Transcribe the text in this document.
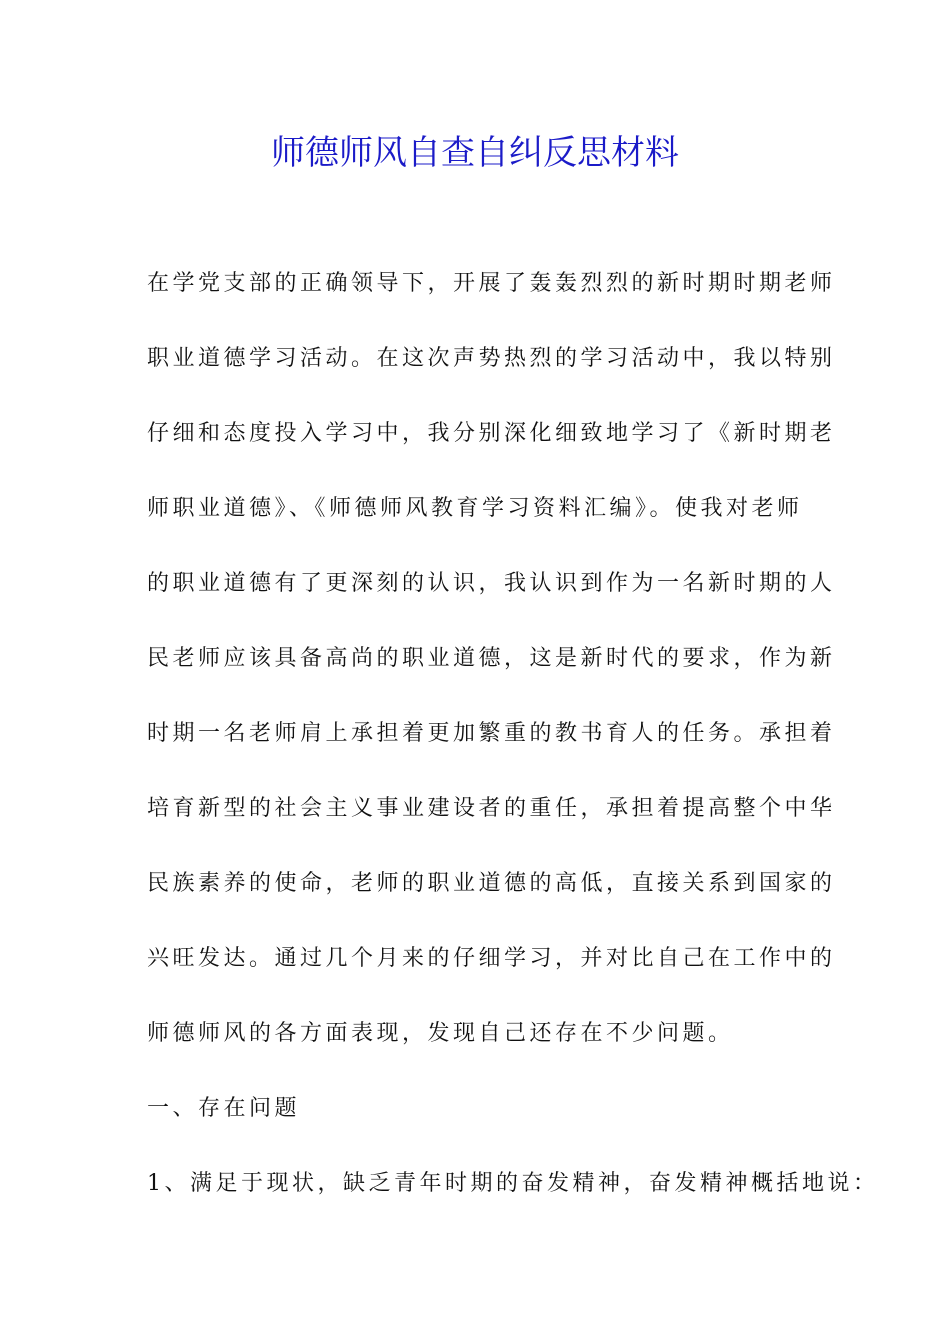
师德师风自查自纠反思材料
在学党支部的正确领导下，开展了轰轰烈烈的新时期时期老师
职业道德学习活动。在这次声势热烈的学习活动中，我以特别
仔细和态度投入学习中，我分别深化细致地学习了《新时期老
师职业道德》、《师德师风教育学习资料汇编》。使我对老师
的职业道德有了更深刻的认识，我认识到作为一名新时期的人
民老师应该具备高尚的职业道德，这是新时代的要求，作为新
时期一名老师肩上承担着更加繁重的教书育人的任务。承担着
培育新型的社会主义事业建设者的重任，承担着提高整个中华
民族素养的使命，老师的职业道德的高低，直接关系到国家的
兴旺发达。通过几个月来的仔细学习，并对比自己在工作中的
师德师风的各方面表现，发现自己还存在不少问题。
一、存在问题
1、满足于现状，缺乏青年时期的奋发精神，奋发精神概括地说：
